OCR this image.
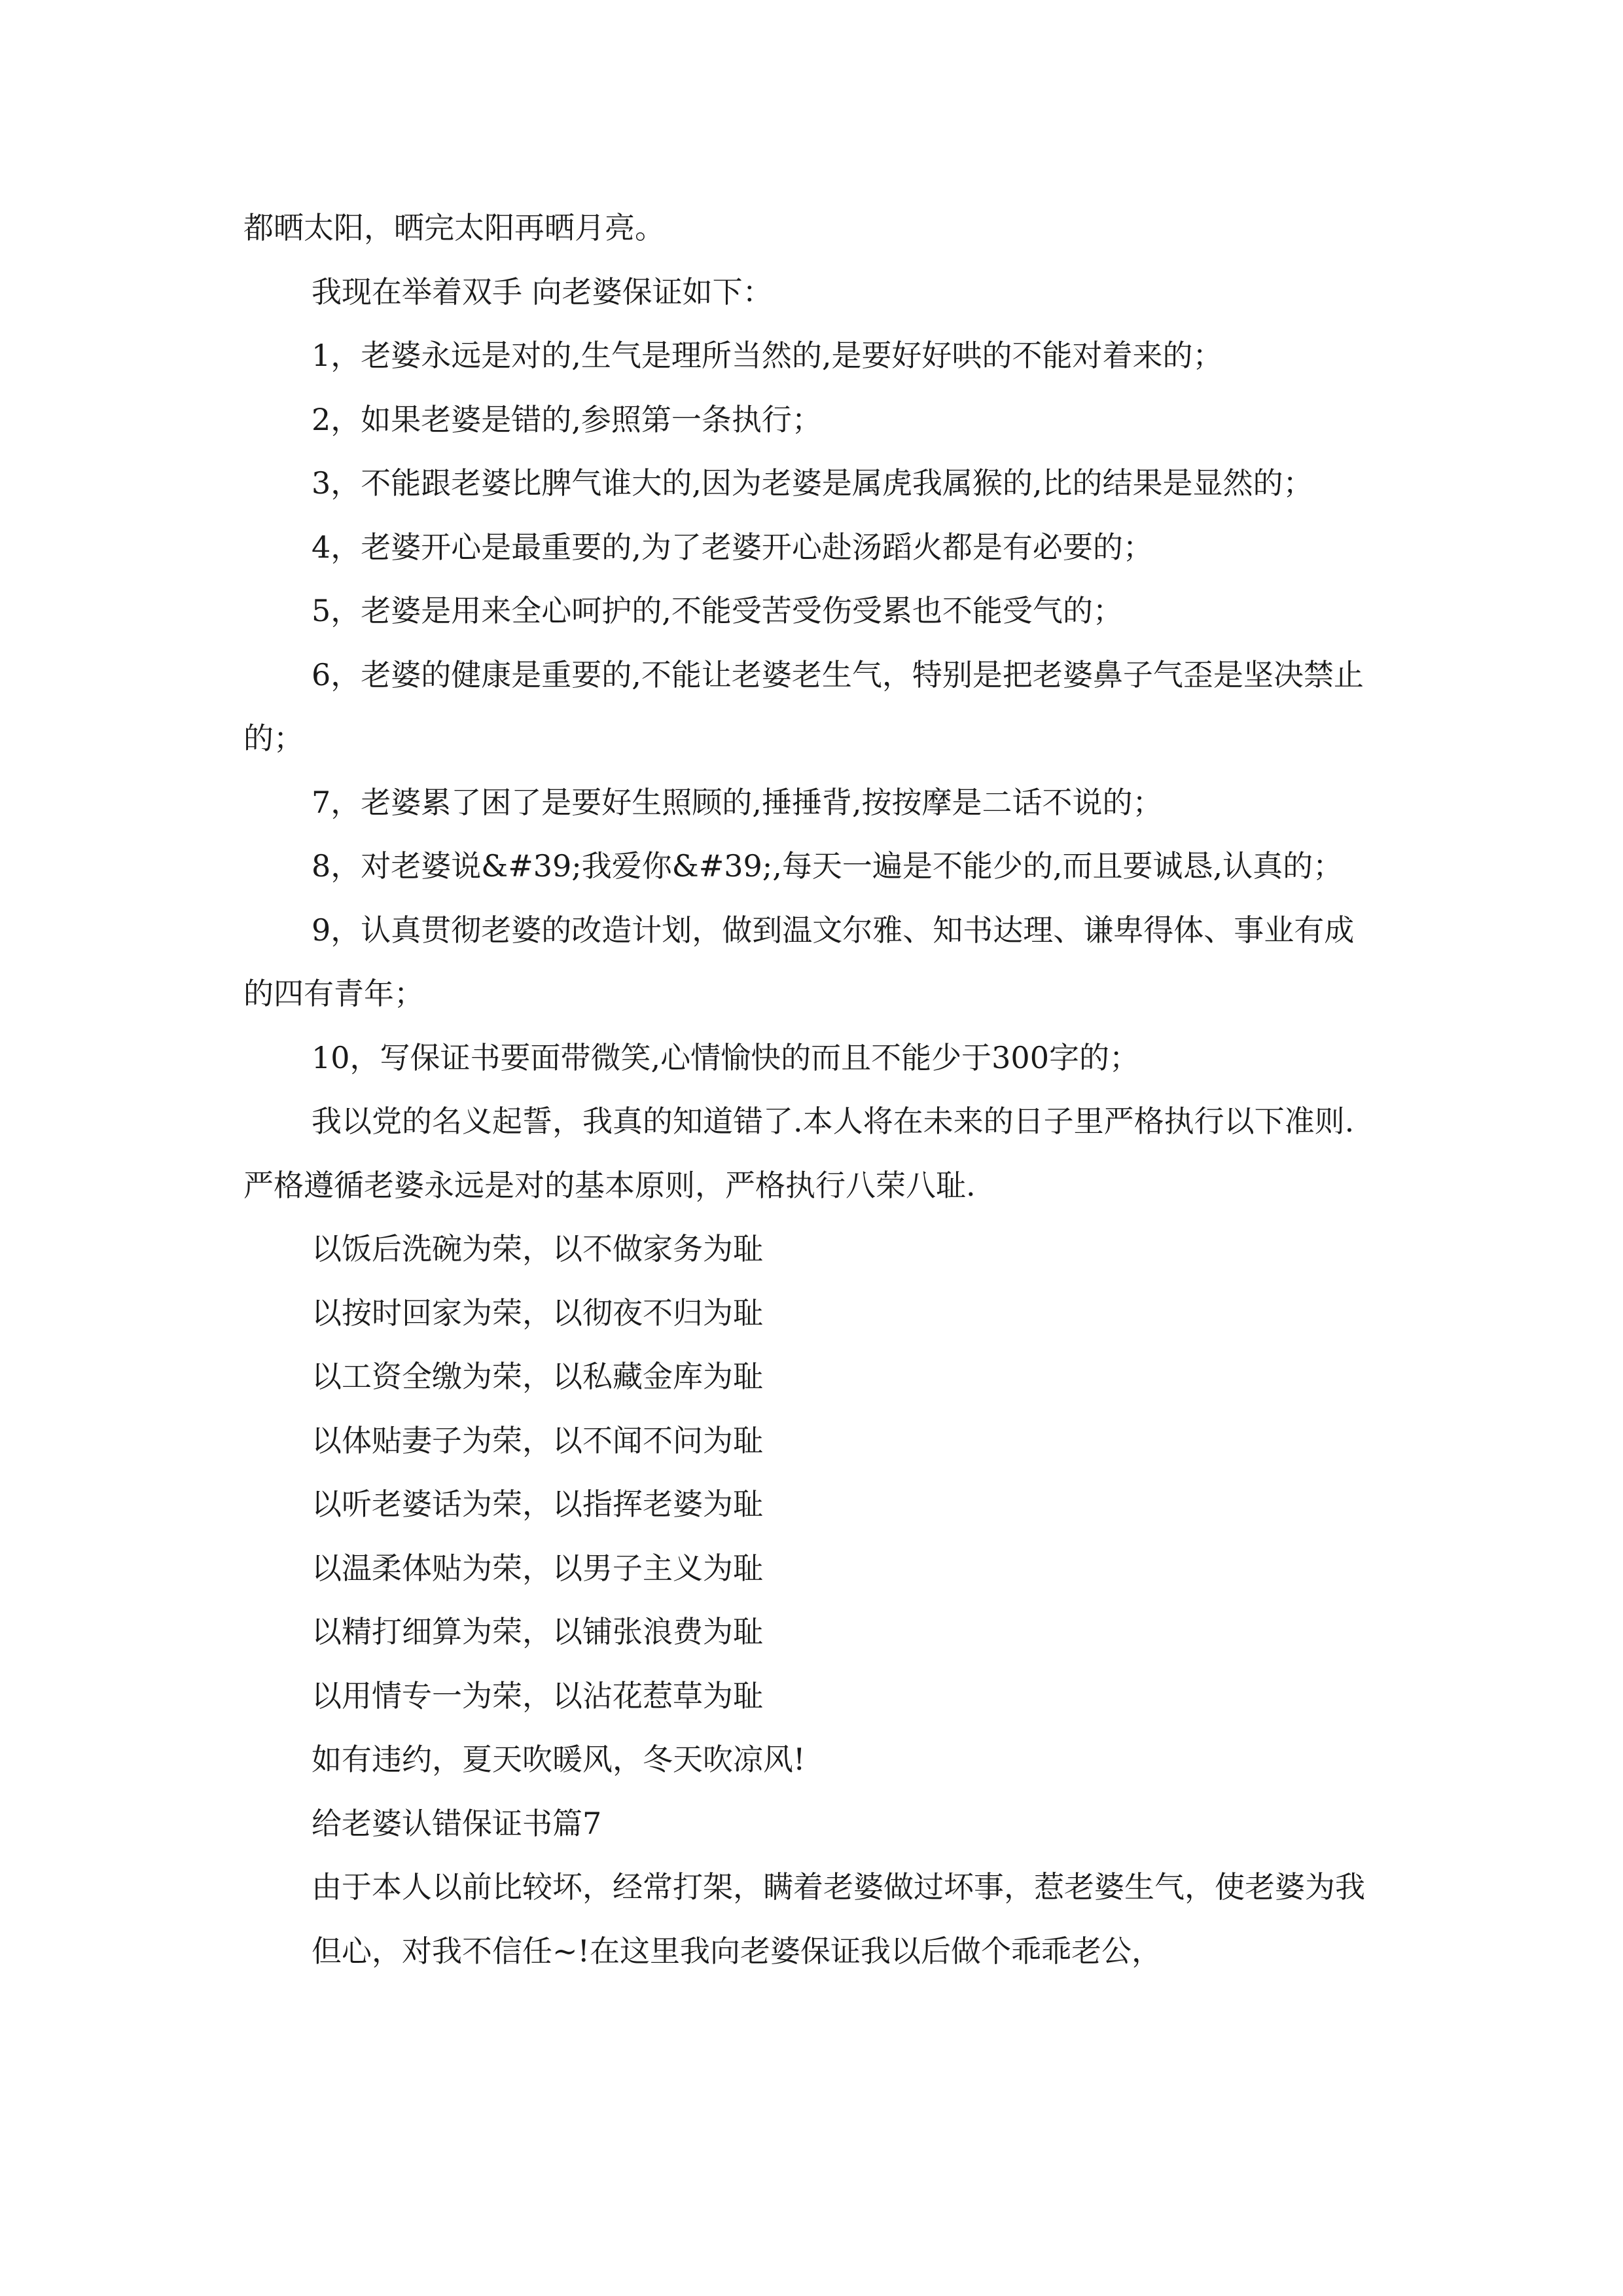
都晒太阳，晒完太阳再晒月亮。

我现在举着双手 向老婆保证如下：

1，老婆永远是对的,生气是理所当然的,是要好好哄的不能对着来的；

2，如果老婆是错的,参照第一条执行；

3，不能跟老婆比脾气谁大的,因为老婆是属虎我属猴的,比的结果是显然的；

4，老婆开心是最重要的,为了老婆开心赴汤蹈火都是有必要的；

5，老婆是用来全心呵护的,不能受苦受伤受累也不能受气的；

6，老婆的健康是重要的,不能让老婆老生气，特别是把老婆鼻子气歪是坚决禁止的；

7，老婆累了困了是要好生照顾的,捶捶背,按按摩是二话不说的；

8，对老婆说&#39;我爱你&#39;,每天一遍是不能少的,而且要诚恳,认真的；

9，认真贯彻老婆的改造计划，做到温文尔雅、知书达理、谦卑得体、事业有成的四有青年；

10，写保证书要面带微笑,心情愉快的而且不能少于300字的；

我以党的名义起誓，我真的知道错了.本人将在未来的日子里严格执行以下准则.严格遵循老婆永远是对的基本原则，严格执行八荣八耻.

以饭后洗碗为荣，以不做家务为耻

以按时回家为荣，以彻夜不归为耻

以工资全缴为荣，以私藏金库为耻

以体贴妻子为荣，以不闻不问为耻

以听老婆话为荣，以指挥老婆为耻

以温柔体贴为荣，以男子主义为耻

以精打细算为荣，以铺张浪费为耻

以用情专一为荣，以沾花惹草为耻

如有违约，夏天吹暖风，冬天吹凉风!

给老婆认错保证书篇7

由于本人以前比较坏，经常打架，瞒着老婆做过坏事，惹老婆生气，使老婆为我

但心，对我不信任~!在这里我向老婆保证我以后做个乖乖老公，
